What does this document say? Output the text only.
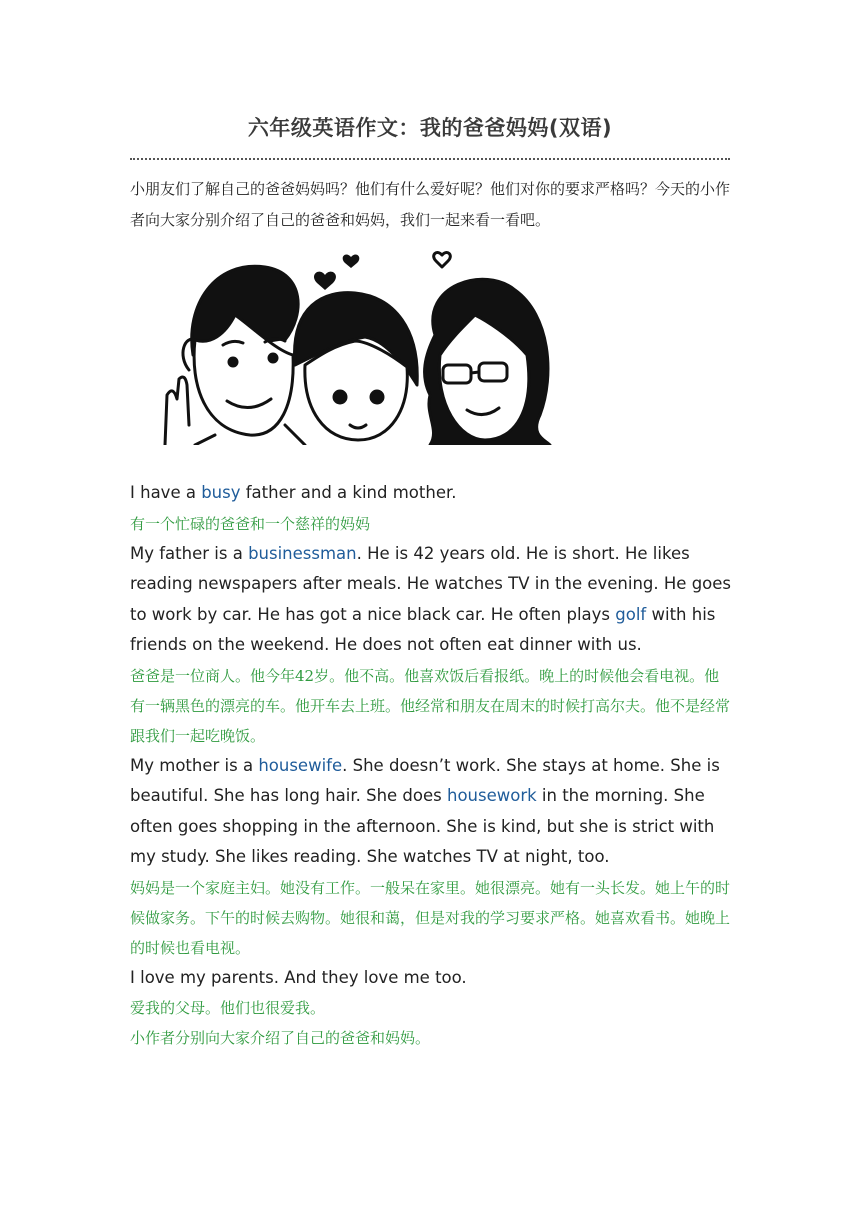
六年级英语作文：我的爸爸妈妈(双语)

小朋友们了解自己的爸爸妈妈吗？他们有什么爱好呢？他们对你的要求严格吗？今天的小作者向大家分别介绍了自己的爸爸和妈妈，我们一起来看一看吧。

I have a busy father and a kind mother.

有一个忙碌的爸爸和一个慈祥的妈妈

My father is a businessman. He is 42 years old. He is short. He likes reading newspapers after meals. He watches TV in the evening. He goes to work by car. He has got a nice black car. He often plays golf with his friends on the weekend. He does not often eat dinner with us.

爸爸是一位商人。他今年42岁。他不高。他喜欢饭后看报纸。晚上的时候他会看电视。他有一辆黑色的漂亮的车。他开车去上班。他经常和朋友在周末的时候打高尔夫。他不是经常跟我们一起吃晚饭。

My mother is a housewife. She doesn’t work. She stays at home. She is beautiful. She has long hair. She does housework in the morning. She often goes shopping in the afternoon. She is kind, but she is strict with my study. She likes reading. She watches TV at night, too.

妈妈是一个家庭主妇。她没有工作。一般呆在家里。她很漂亮。她有一头长发。她上午的时候做家务。下午的时候去购物。她很和蔼，但是对我的学习要求严格。她喜欢看书。她晚上的时候也看电视。

I love my parents. And they love me too.

爱我的父母。他们也很爱我。

小作者分别向大家介绍了自己的爸爸和妈妈。
